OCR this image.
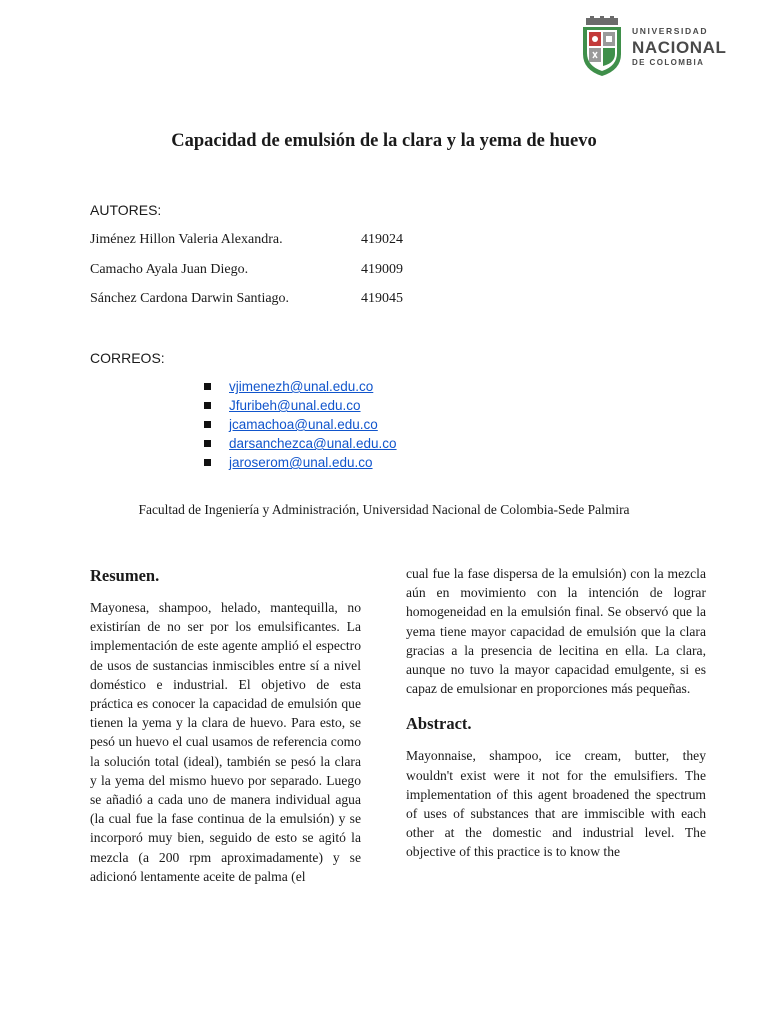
UNIVERSIDAD
NACIONAL
DE COLOMBIA
Capacidad de emulsión de la clara y la yema de huevo
AUTORES:
Jiménez Hillon Valeria Alexandra.	419024
Camacho Ayala Juan Diego.	419009
Sánchez Cardona Darwin Santiago.	419045
CORREOS:
vjimenezh@unal.edu.co
Jfuribeh@unal.edu.co
jcamachoa@unal.edu.co
darsanchezca@unal.edu.co
jaroserom@unal.edu.co
Facultad de Ingeniería y Administración, Universidad Nacional de Colombia-Sede Palmira
Resumen.

Mayonesa, shampoo, helado, mantequilla, no existirían de no ser por los emulsificantes. La implementación de este agente amplió el espectro de usos de sustancias inmiscibles entre sí a nivel doméstico e industrial. El objetivo de esta práctica es conocer la capacidad de emulsión que tienen la yema y la clara de huevo. Para esto, se pesó un huevo el cual usamos de referencia como la solución total (ideal), también se pesó la clara y la yema del mismo huevo por separado. Luego se añadió a cada uno de manera individual agua (la cual fue la fase continua de la emulsión) y se incorporó muy bien, seguido de esto se agitó la mezcla (a 200 rpm aproximadamente) y se adicionó lentamente aceite de palma (el

cual fue la fase dispersa de la emulsión) con la mezcla aún en movimiento con la intención de lograr homogeneidad en la emulsión final. Se observó que la yema tiene mayor capacidad de emulsión que la clara gracias a la presencia de lecitina en ella. La clara, aunque no tuvo la mayor capacidad emulgente, si es capaz de emulsionar en proporciones más pequeñas.

Abstract.

Mayonnaise, shampoo, ice cream, butter, they wouldn't exist were it not for the emulsifiers. The implementation of this agent broadened the spectrum of uses of substances that are immiscible with each other at the domestic and industrial level. The objective of this practice is to know the
